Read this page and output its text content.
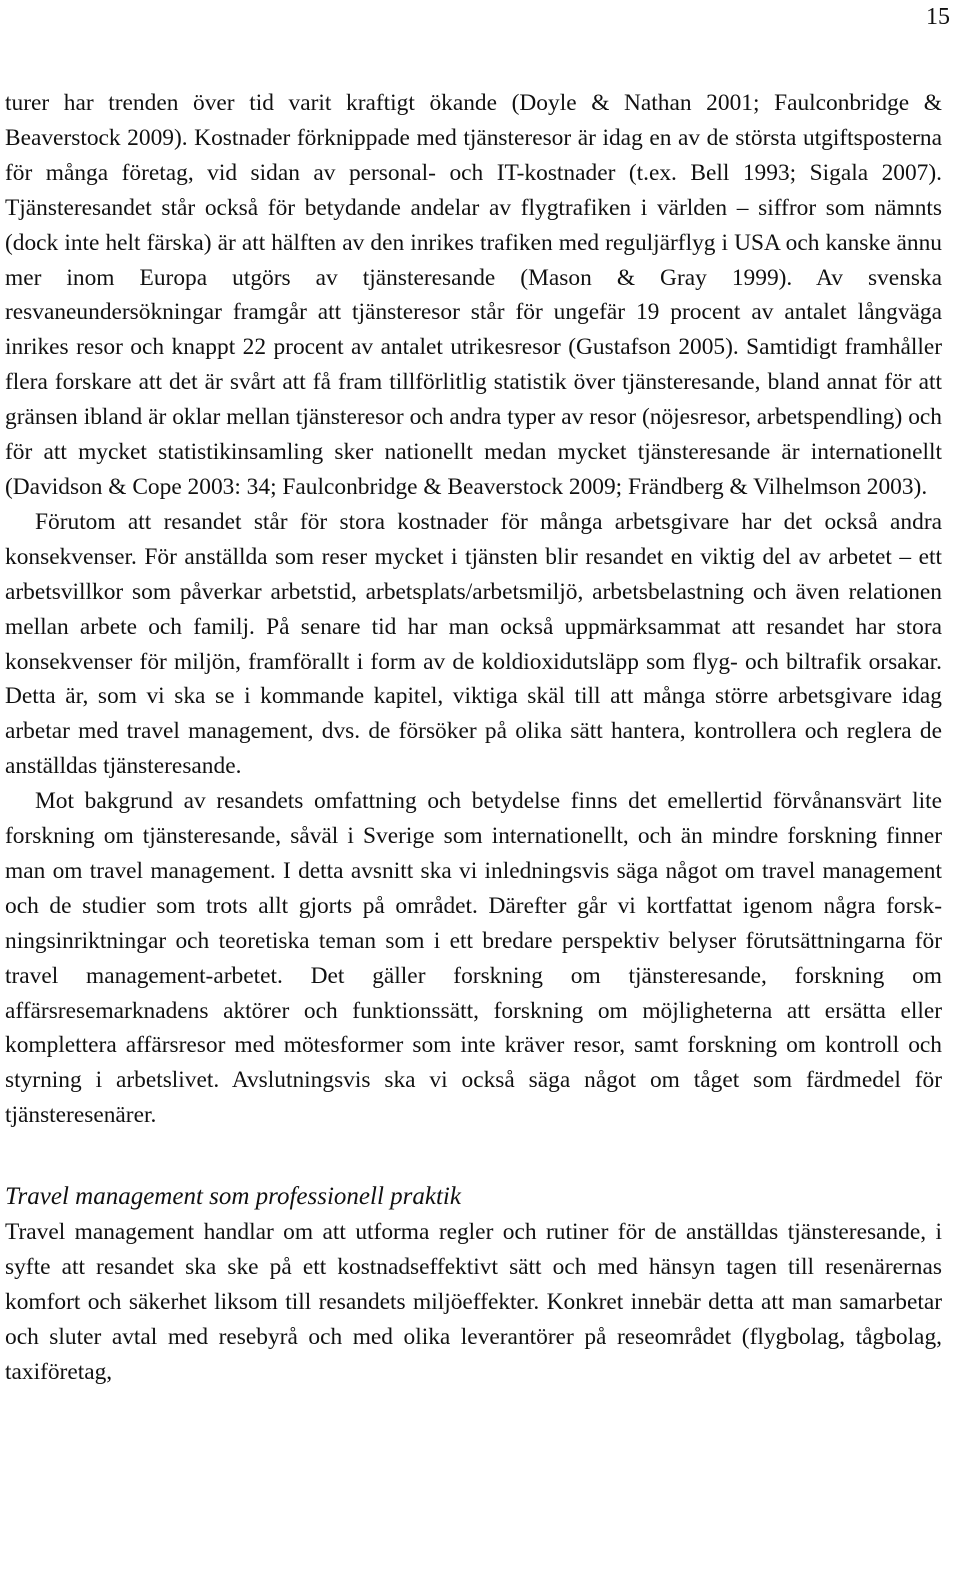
15

turer har trenden över tid varit kraftigt ökande (Doyle & Nathan 2001; Faulconbridge & Beaverstock 2009). Kostnader förknippade med tjänsteresor är idag en av de största utgiftsposterna för många företag, vid sidan av personal- och IT-kostnader (t.ex. Bell 1993; Sigala 2007). Tjänsteresandet står också för betydande andelar av flygtrafiken i världen – siffror som nämnts (dock inte helt färska) är att hälften av den inrikes trafiken med reguljärflyg i USA och kanske ännu mer inom Europa utgörs av tjänsteresande (Mason & Gray 1999). Av svenska resvaneundersökningar framgår att tjänsteresor står för ungefär 19 procent av antalet långväga inrikes resor och knappt 22 procent av antalet utrikesresor (Gustafson 2005). Samtidigt framhåller flera forskare att det är svårt att få fram tillförlitlig statistik över tjänsteresande, bland annat för att gränsen ibland är oklar mellan tjänsteresor och andra typer av resor (nöjesresor, arbetspendling) och för att mycket statistikinsamling sker nationellt medan mycket tjänsteresande är internationellt (Davidson & Cope 2003: 34; Faulconbridge & Beaverstock 2009; Frändberg & Vilhelmson 2003).

Förutom att resandet står för stora kostnader för många arbetsgivare har det också andra konsekvenser. För anställda som reser mycket i tjänsten blir resandet en viktig del av arbetet – ett arbetsvillkor som påverkar arbetstid, arbetsplats/arbetsmiljö, arbetsbelastning och även relationen mellan arbete och familj. På senare tid har man också uppmärksammat att resandet har stora konsekvenser för miljön, framförallt i form av de koldioxidutsläpp som flyg- och biltrafik orsakar. Detta är, som vi ska se i kommande kapitel, viktiga skäl till att många större arbetsgivare idag arbetar med travel management, dvs. de försöker på olika sätt hantera, kontrollera och reglera de anställdas tjänsteresande.

Mot bakgrund av resandets omfattning och betydelse finns det emellertid förvånansvärt lite forskning om tjänsteresande, såväl i Sverige som internationellt, och än mindre forskning finner man om travel management. I detta avsnitt ska vi inledningsvis säga något om travel management och de studier som trots allt gjorts på området. Därefter går vi kortfattat igenom några forskningsinriktningar och teoretiska teman som i ett bredare perspektiv belyser förutsättningarna för travel management-arbetet. Det gäller forskning om tjänsteresande, forskning om affärsresemarknadens aktörer och funktionssätt, forskning om möjligheterna att ersätta eller komplettera affärsresor med mötesformer som inte kräver resor, samt forskning om kontroll och styrning i arbetslivet. Avslutningsvis ska vi också säga något om tåget som färdmedel för tjänsteresenärer.

Travel management som professionell praktik

Travel management handlar om att utforma regler och rutiner för de anställdas tjänsteresande, i syfte att resandet ska ske på ett kostnadseffektivt sätt och med hänsyn tagen till resenärernas komfort och säkerhet liksom till resandets miljöeffekter. Konkret innebär detta att man samarbetar och sluter avtal med resebyrå och med olika leverantörer på reseområdet (flygbolag, tågbolag, taxiföretag,
